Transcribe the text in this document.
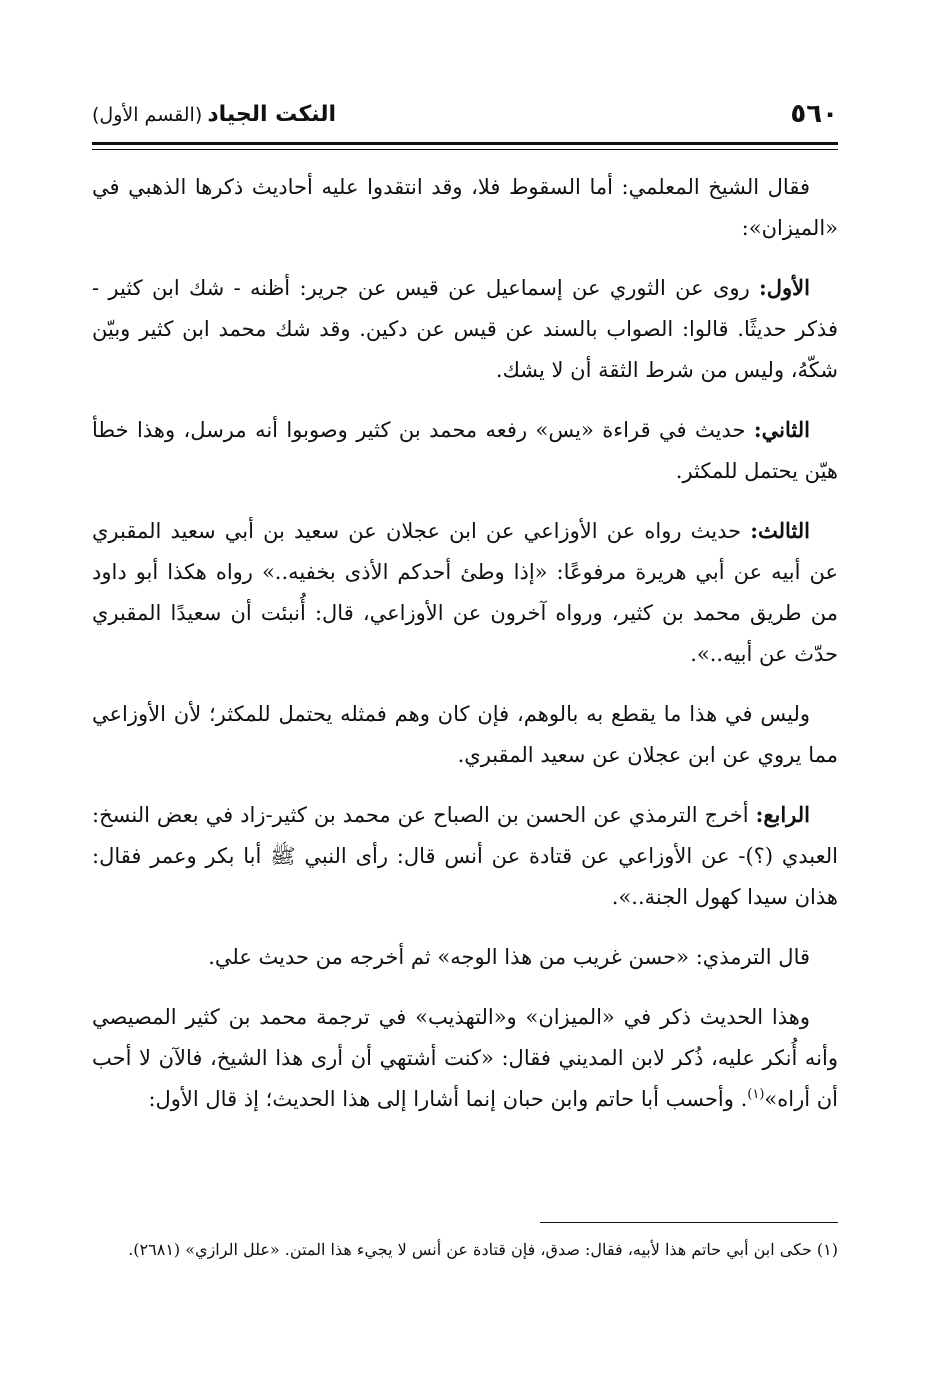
٥٦٠
النكت الجياد (القسم الأول)

فقال الشيخ المعلمي: أما السقوط فلا، وقد انتقدوا عليه أحاديث ذكرها الذهبي في «الميزان»:

الأول: روى عن الثوري عن إسماعيل عن قيس عن جرير: أظنه - شك ابن كثير - فذكر حديثًا. قالوا: الصواب بالسند عن قيس عن دكين. وقد شك محمد ابن كثير وبيّن شكّهُ، وليس من شرط الثقة أن لا يشك.

الثاني: حديث في قراءة «يس» رفعه محمد بن كثير وصوبوا أنه مرسل، وهذا خطأ هيّن يحتمل للمكثر.

الثالث: حديث رواه عن الأوزاعي عن ابن عجلان عن سعيد بن أبي سعيد المقبري عن أبيه عن أبي هريرة مرفوعًا: «إذا وطئ أحدكم الأذى بخفيه..» رواه هكذا أبو داود من طريق محمد بن كثير، ورواه آخرون عن الأوزاعي، قال: أُنبئت أن سعيدًا المقبري حدّث عن أبيه..».

وليس في هذا ما يقطع به بالوهم، فإن كان وهم فمثله يحتمل للمكثر؛ لأن الأوزاعي مما يروي عن ابن عجلان عن سعيد المقبري.

الرابع: أخرج الترمذي عن الحسن بن الصباح عن محمد بن كثير-زاد في بعض النسخ: العبدي (؟)- عن الأوزاعي عن قتادة عن أنس قال: رأى النبي ﷺ أبا بكر وعمر فقال: هذان سيدا كهول الجنة..».

قال الترمذي: «حسن غريب من هذا الوجه» ثم أخرجه من حديث علي.

وهذا الحديث ذكر في «الميزان» و«التهذيب» في ترجمة محمد بن كثير المصيصي وأنه أُنكر عليه، ذُكر لابن المديني فقال: «كنت أشتهي أن أرى هذا الشيخ، فالآن لا أحب أن أراه»$^{(١)}$. وأحسب أبا حاتم وابن حبان إنما أشارا إلى هذا الحديث؛ إذ قال الأول:

(١) حكى ابن أبي حاتم هذا لأبيه، فقال: صدق، فإن قتادة عن أنس لا يجيء هذا المتن. «علل الرازي» (٢٦٨١).
